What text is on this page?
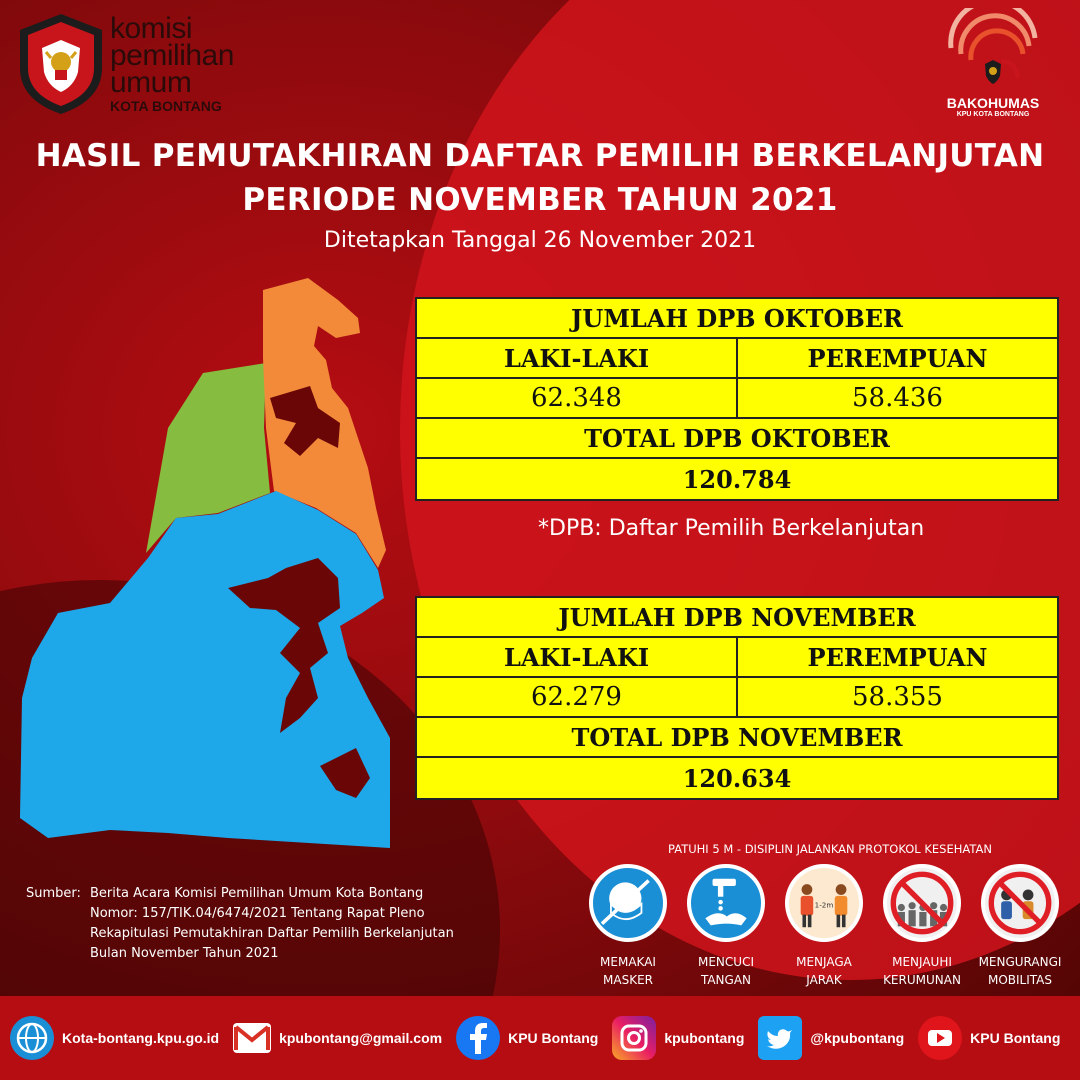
komisi
pemilihan
umum
KOTA BONTANG	BAKOHUMAS
KPU KOTA BONTANG
HASIL PEMUTAKHIRAN DAFTAR PEMILIH BERKELANJUTAN
PERIODE NOVEMBER TAHUN 2021
Ditetapkan Tanggal 26 November 2021
JUMLAH DPB OKTOBER
LAKI-LAKI	PEREMPUAN
62.348	58.436
TOTAL DPB OKTOBER
120.784
*DPB: Daftar Pemilih Berkelanjutan
JUMLAH DPB NOVEMBER
LAKI-LAKI	PEREMPUAN
62.279	58.355
TOTAL DPB NOVEMBER
120.634
Sumber: Berita Acara Komisi Pemilihan Umum Kota Bontang
Nomor: 157/TIK.04/6474/2021 Tentang Rapat Pleno
Rekapitulasi Pemutakhiran Daftar Pemilih Berkelanjutan
Bulan November Tahun 2021
PATUHI 5 M - DISIPLIN JALANKAN PROTOKOL KESEHATAN
MEMAKAI
MASKER
MENCUCI
TANGAN
1-2m
MENJAGA
JARAK
MENJAUHI
KERUMUNAN
MENGURANGI
MOBILITAS
Kota-bontang.kpu.go.id	kpubontang@gmail.com	KPU Bontang	kpubontang	@kpubontang	KPU Bontang
